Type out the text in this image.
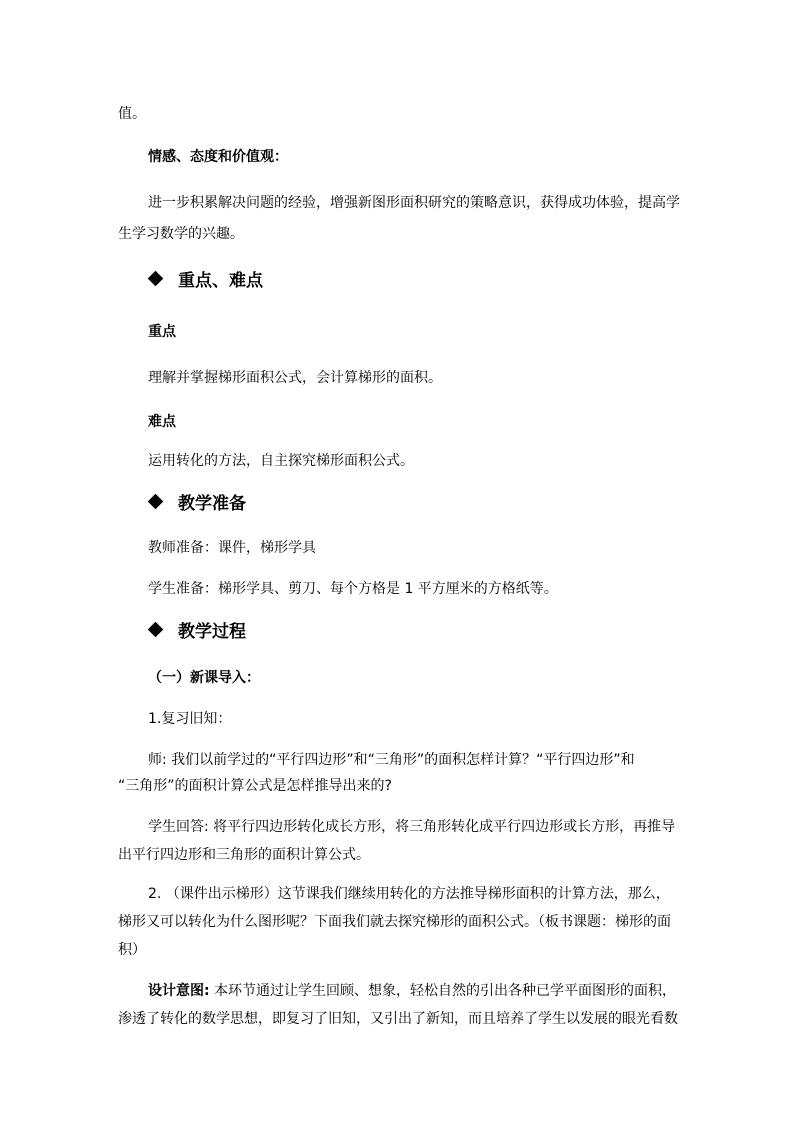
值。
情感、态度和价值观：
进一步积累解决问题的经验，增强新图形面积研究的策略意识，获得成功体验，提高学
生学习数学的兴趣。
重点、难点
重点
理解并掌握梯形面积公式，会计算梯形的面积。
难点
运用转化的方法，自主探究梯形面积公式。
教学准备
教师准备：课件，梯形学具
学生准备：梯形学具、剪刀、每个方格是 1 平方厘米的方格纸等。
教学过程
（一）新课导入：
1.复习旧知：
师: 我们以前学过的“平行四边形”和“三角形”的面积怎样计算？“平行四边形”和
“三角形”的面积计算公式是怎样推导出来的?
学生回答: 将平行四边形转化成长方形，将三角形转化成平行四边形或长方形，再推导
出平行四边形和三角形的面积计算公式。
2. （课件出示梯形）这节课我们继续用转化的方法推导梯形面积的计算方法，那么，
梯形又可以转化为什么图形呢？下面我们就去探究梯形的面积公式。（板书课题：梯形的面
积）
设计意图: 本环节通过让学生回顾、想象，轻松自然的引出各种已学平面图形的面积，
渗透了转化的数学思想，即复习了旧知，又引出了新知，而且培养了学生以发展的眼光看数
